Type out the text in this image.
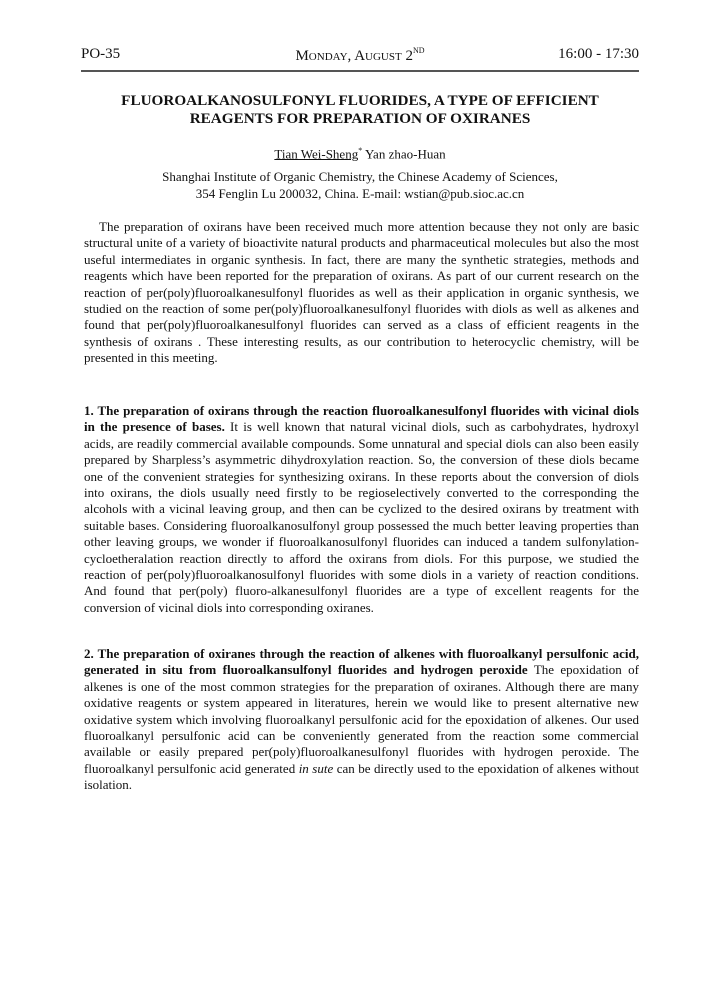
PO-35	Monday, August 2ND	16:00 - 17:30
FLUOROALKANOSULFONYL FLUORIDES, A TYPE OF EFFICIENT
REAGENTS FOR PREPARATION OF OXIRANES
Tian Wei-Sheng* Yan zhao-Huan
Shanghai Institute of Organic Chemistry, the Chinese Academy of Sciences,
354 Fenglin Lu 200032, China. E-mail: wstian@pub.sioc.ac.cn
The preparation of oxirans have been received much more attention because they not only are basic structural unite of a variety of bioactivite natural products and pharmaceutical molecules but also the most useful intermediates in organic synthesis. In fact, there are many the synthetic strategies, methods and reagents which have been reported for the preparation of oxirans. As part of our current research on the reaction of per(poly)fluoroalkanesulfonyl fluorides as well as their application in organic synthesis, we studied on the reaction of some per(poly)fluoroalkanesulfonyl fluorides with diols as well as alkenes and found that per(poly)fluoroalkanesulfonyl fluorides can served as a class of efficient reagents in the synthesis of oxirans . These interesting results, as our contribution to heterocyclic chemistry, will be presented in this meeting.
1. The preparation of oxirans through the reaction fluoroalkanesulfonyl fluorides with vicinal diols in the presence of bases. It is well known that natural vicinal diols, such as carbohydrates, hydroxyl acids, are readily commercial available compounds. Some unnatural and special diols can also been easily prepared by Sharpless’s asymmetric dihydroxylation reaction. So, the conversion of these diols became one of the convenient strategies for synthesizing oxirans. In these reports about the conversion of diols into oxirans, the diols usually need firstly to be regioselectively converted to the corresponding the alcohols with a vicinal leaving group, and then can be cyclized to the desired oxirans by treatment with suitable bases. Considering fluoroalkanosulfonyl group possessed the much better leaving properties than other leaving groups, we wonder if fluoroalkanosulfonyl fluorides can induced a tandem sulfonylation-cycloetheralation reaction directly to afford the oxirans from diols. For this purpose, we studied the reaction of per(poly)fluoroalkanosulfonyl fluorides with some diols in a variety of reaction conditions. And found that per(poly) fluoro-alkanesulfonyl fluorides are a type of excellent reagents for the conversion of vicinal diols into corresponding oxiranes.
2. The preparation of oxiranes through the reaction of alkenes with fluoroalkanyl persulfonic acid, generated in situ from fluoroalkansulfonyl fluorides and hydrogen peroxide The epoxidation of alkenes is one of the most common strategies for the preparation of oxiranes. Although there are many oxidative reagents or system appeared in literatures, herein we would like to present alternative new oxidative system which involving fluoroalkanyl persulfonic acid for the epoxidation of alkenes. Our used fluoroalkanyl persulfonic acid can be conveniently generated from the reaction some commercial available or easily prepared per(poly)fluoroalkanesulfonyl fluorides with hydrogen peroxide. The fluoroalkanyl persulfonic acid generated in sute can be directly used to the epoxidation of alkenes without isolation.
